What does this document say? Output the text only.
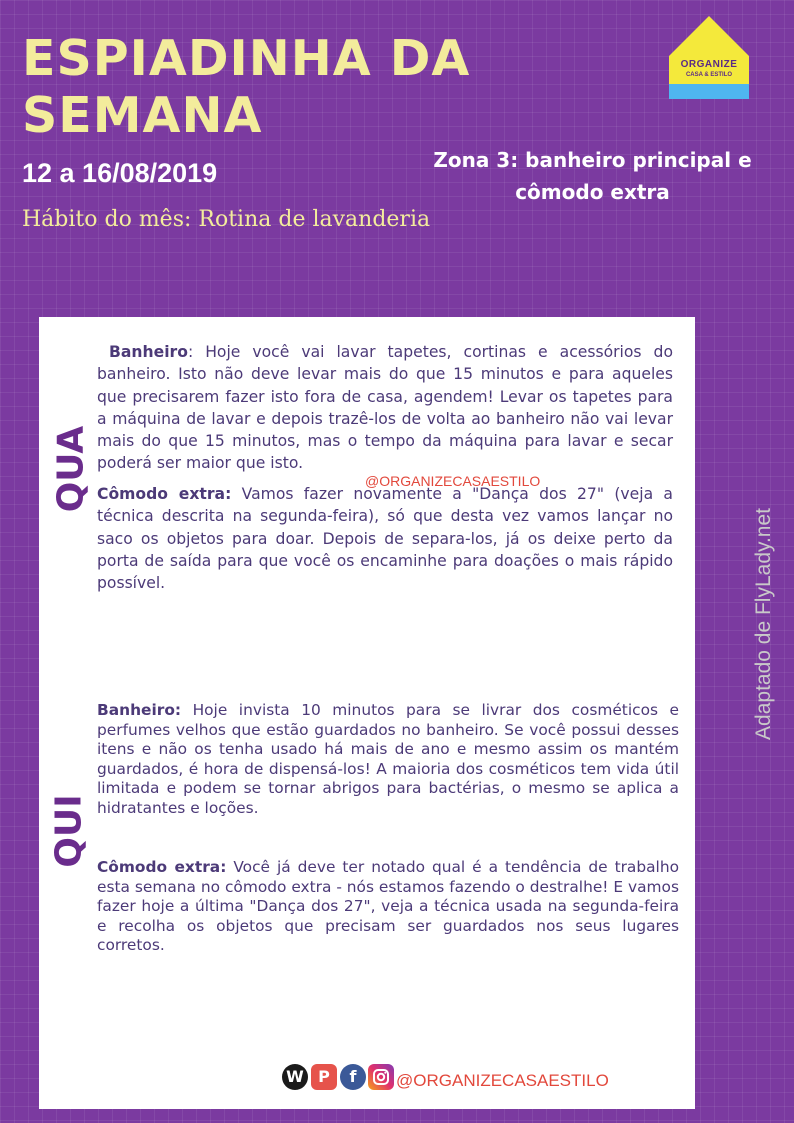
ESPIADINHA DA
SEMANA
12 a 16/08/2019	Zona 3: banheiro principal e
cômodo extra
Hábito do mês: Rotina de lavanderia
ORGANIZE
CASA & ESTILO
Adaptado de FlyLady.net
QUA

Banheiro: Hoje você vai lavar tapetes, cortinas e acessórios do banheiro. Isto não deve levar mais do que 15 minutos e para aqueles que precisarem fazer isto fora de casa, agendem! Levar os tapetes para a máquina de lavar e depois trazê-los de volta ao banheiro não vai levar mais do que 15 minutos, mas o tempo da máquina para lavar e secar poderá ser maior que isto.

@ORGANIZECASAESTILO

Cômodo extra: Vamos fazer novamente a "Dança dos 27" (veja a técnica descrita na segunda-feira), só que desta vez vamos lançar no saco os objetos para doar. Depois de separa-los, já os deixe perto da porta de saída para que você os encaminhe para doações o mais rápido possível.

QUI

Banheiro: Hoje invista 10 minutos para se livrar dos cosméticos e perfumes velhos que estão guardados no banheiro. Se você possui desses itens e não os tenha usado há mais de ano e mesmo assim os mantém guardados, é hora de dispensá-los! A maioria dos cosméticos tem vida útil limitada e podem se tornar abrigos para bactérias, o mesmo se aplica a hidratantes e loções.

Cômodo extra: Você já deve ter notado qual é a tendência de trabalho esta semana no cômodo extra - nós estamos fazendo o destralhe! E vamos fazer hoje a última "Dança dos 27", veja a técnica usada na segunda-feira e recolha os objetos que precisam ser guardados nos seus lugares corretos.

W P	f	@ORGANIZECASAESTILO
